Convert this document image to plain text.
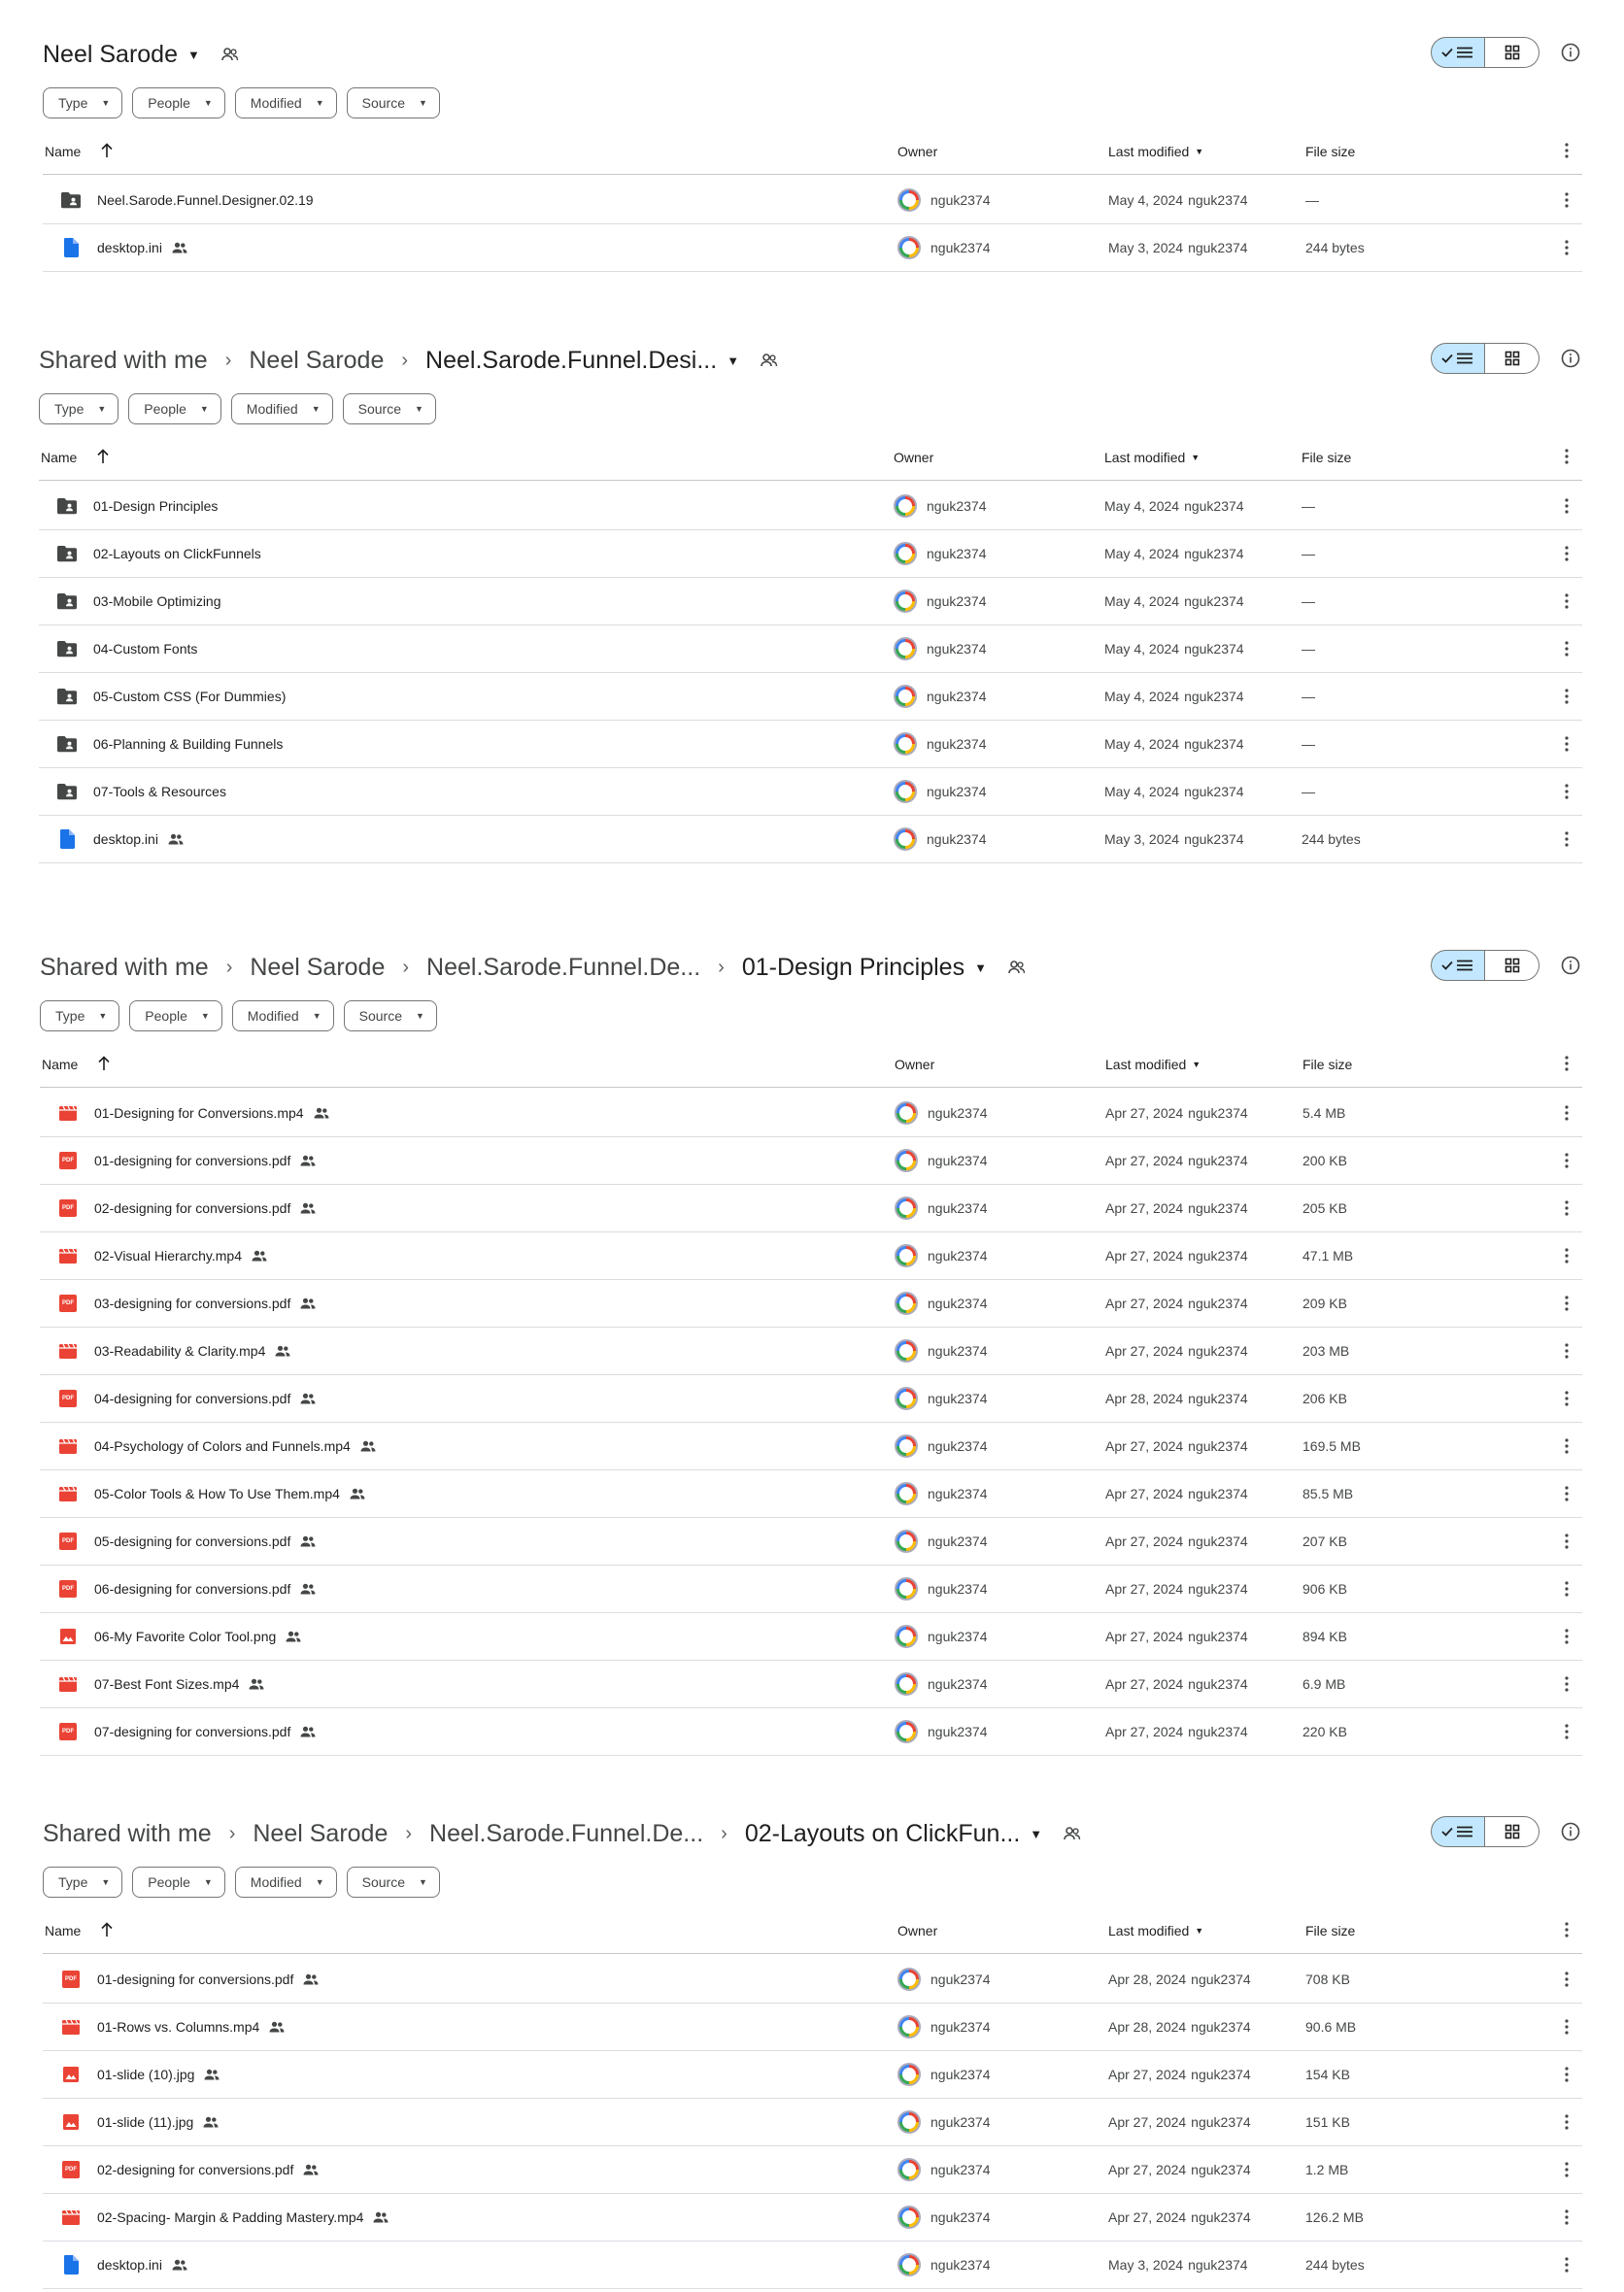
Neel Sarode ▼
Type ▼	People ▼	Modified ▼	Source ▼
Name	Owner	Last modified ▼	File size
Neel.Sarode.Funnel.Designer.02.19	nguk2374	May 4, 2024 nguk2374	—
desktop.ini	nguk2374	May 3, 2024 nguk2374	244 bytes
Shared with me › Neel Sarode › Neel.Sarode.Funnel.Desi... ▼
Type ▼	People ▼	Modified ▼	Source ▼
Name	Owner	Last modified ▼	File size
01-Design Principles	nguk2374	May 4, 2024 nguk2374	—
02-Layouts on ClickFunnels	nguk2374	May 4, 2024 nguk2374	—
03-Mobile Optimizing	nguk2374	May 4, 2024 nguk2374	—
04-Custom Fonts	nguk2374	May 4, 2024 nguk2374	—
05-Custom CSS (For Dummies)	nguk2374	May 4, 2024 nguk2374	—
06-Planning & Building Funnels	nguk2374	May 4, 2024 nguk2374	—
07-Tools & Resources	nguk2374	May 4, 2024 nguk2374	—
desktop.ini	nguk2374	May 3, 2024 nguk2374	244 bytes
Shared with me › Neel Sarode › Neel.Sarode.Funnel.De... › 01-Design Principles ▼
Type ▼	People ▼	Modified ▼	Source ▼
Name	Owner	Last modified ▼	File size
01-Designing for Conversions.mp4	nguk2374	Apr 27, 2024 nguk2374	5.4 MB
PDF 01-designing for conversions.pdf	nguk2374	Apr 27, 2024 nguk2374	200 KB
PDF 02-designing for conversions.pdf	nguk2374	Apr 27, 2024 nguk2374	205 KB
02-Visual Hierarchy.mp4	nguk2374	Apr 27, 2024 nguk2374	47.1 MB
PDF 03-designing for conversions.pdf	nguk2374	Apr 27, 2024 nguk2374	209 KB
03-Readability & Clarity.mp4	nguk2374	Apr 27, 2024 nguk2374	203 MB
PDF 04-designing for conversions.pdf	nguk2374	Apr 28, 2024 nguk2374	206 KB
04-Psychology of Colors and Funnels.mp4	nguk2374	Apr 27, 2024 nguk2374	169.5 MB
05-Color Tools & How To Use Them.mp4	nguk2374	Apr 27, 2024 nguk2374	85.5 MB
PDF 05-designing for conversions.pdf	nguk2374	Apr 27, 2024 nguk2374	207 KB
PDF 06-designing for conversions.pdf	nguk2374	Apr 27, 2024 nguk2374	906 KB
06-My Favorite Color Tool.png	nguk2374	Apr 27, 2024 nguk2374	894 KB
07-Best Font Sizes.mp4	nguk2374	Apr 27, 2024 nguk2374	6.9 MB
PDF 07-designing for conversions.pdf	nguk2374	Apr 27, 2024 nguk2374	220 KB
Shared with me › Neel Sarode › Neel.Sarode.Funnel.De... › 02-Layouts on ClickFun... ▼
Type ▼	People ▼	Modified ▼	Source ▼
Name	Owner	Last modified ▼	File size
PDF 01-designing for conversions.pdf	nguk2374	Apr 28, 2024 nguk2374	708 KB
01-Rows vs. Columns.mp4	nguk2374	Apr 28, 2024 nguk2374	90.6 MB
01-slide (10).jpg	nguk2374	Apr 27, 2024 nguk2374	154 KB
01-slide (11).jpg	nguk2374	Apr 27, 2024 nguk2374	151 KB
PDF 02-designing for conversions.pdf	nguk2374	Apr 27, 2024 nguk2374	1.2 MB
02-Spacing- Margin & Padding Mastery.mp4	nguk2374	Apr 27, 2024 nguk2374	126.2 MB
desktop.ini	nguk2374	May 3, 2024 nguk2374	244 bytes
